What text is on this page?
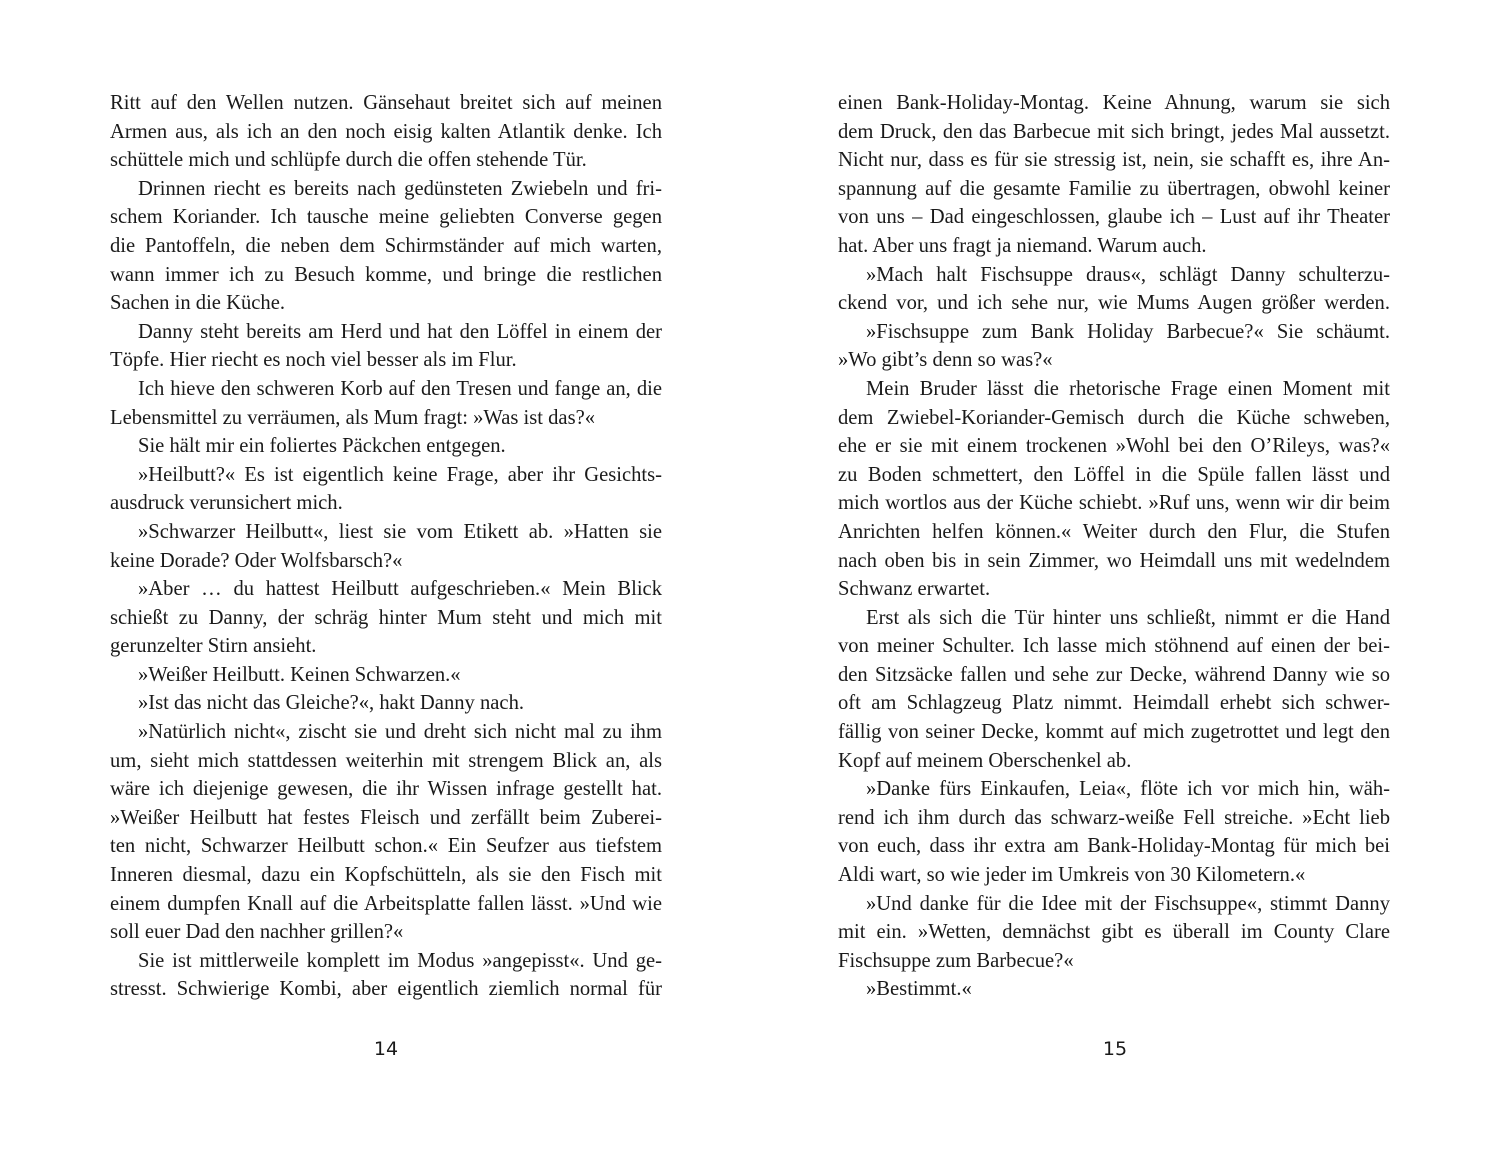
Ritt auf den Wellen nutzen. Gänsehaut breitet sich auf meinen
Armen aus, als ich an den noch eisig kalten Atlantik denke. Ich
schüttele mich und schlüpfe durch die offen stehende Tür.
Drinnen riecht es bereits nach gedünsteten Zwiebeln und fri-
schem Koriander. Ich tausche meine geliebten Converse gegen
die Pantoffeln, die neben dem Schirmständer auf mich warten,
wann immer ich zu Besuch komme, und bringe die restlichen
Sachen in die Küche.
Danny steht bereits am Herd und hat den Löffel in einem der
Töpfe. Hier riecht es noch viel besser als im Flur.
Ich hieve den schweren Korb auf den Tresen und fange an, die
Lebensmittel zu verräumen, als Mum fragt: »Was ist das?«
Sie hält mir ein foliertes Päckchen entgegen.
»Heilbutt?« Es ist eigentlich keine Frage, aber ihr Gesichts-
ausdruck verunsichert mich.
»Schwarzer Heilbutt«, liest sie vom Etikett ab. »Hatten sie
keine Dorade? Oder Wolfsbarsch?«
»Aber … du hattest Heilbutt aufgeschrieben.« Mein Blick
schießt zu Danny, der schräg hinter Mum steht und mich mit
gerunzelter Stirn ansieht.
»Weißer Heilbutt. Keinen Schwarzen.«
»Ist das nicht das Gleiche?«, hakt Danny nach.
»Natürlich nicht«, zischt sie und dreht sich nicht mal zu ihm
um, sieht mich stattdessen weiterhin mit strengem Blick an, als
wäre ich diejenige gewesen, die ihr Wissen infrage gestellt hat.
»Weißer Heilbutt hat festes Fleisch und zerfällt beim Zuberei-
ten nicht, Schwarzer Heilbutt schon.« Ein Seufzer aus tiefstem
Inneren diesmal, dazu ein Kopfschütteln, als sie den Fisch mit
einem dumpfen Knall auf die Arbeitsplatte fallen lässt. »Und wie
soll euer Dad den nachher grillen?«
Sie ist mittlerweile komplett im Modus »angepisst«. Und ge-
stresst. Schwierige Kombi, aber eigentlich ziemlich normal für
einen Bank-Holiday-Montag. Keine Ahnung, warum sie sich
dem Druck, den das Barbecue mit sich bringt, jedes Mal aussetzt.
Nicht nur, dass es für sie stressig ist, nein, sie schafft es, ihre An-
spannung auf die gesamte Familie zu übertragen, obwohl keiner
von uns – Dad eingeschlossen, glaube ich – Lust auf ihr Theater
hat. Aber uns fragt ja niemand. Warum auch.
»Mach halt Fischsuppe draus«, schlägt Danny schulterzu-
ckend vor, und ich sehe nur, wie Mums Augen größer werden.
»Fischsuppe zum Bank Holiday Barbecue?« Sie schäumt.
»Wo gibt’s denn so was?«
Mein Bruder lässt die rhetorische Frage einen Moment mit
dem Zwiebel-Koriander-Gemisch durch die Küche schweben,
ehe er sie mit einem trockenen »Wohl bei den O’Rileys, was?«
zu Boden schmettert, den Löffel in die Spüle fallen lässt und
mich wortlos aus der Küche schiebt. »Ruf uns, wenn wir dir beim
Anrichten helfen können.« Weiter durch den Flur, die Stufen
nach oben bis in sein Zimmer, wo Heimdall uns mit wedelndem
Schwanz erwartet.
Erst als sich die Tür hinter uns schließt, nimmt er die Hand
von meiner Schulter. Ich lasse mich stöhnend auf einen der bei-
den Sitzsäcke fallen und sehe zur Decke, während Danny wie so
oft am Schlagzeug Platz nimmt. Heimdall erhebt sich schwer-
fällig von seiner Decke, kommt auf mich zugetrottet und legt den
Kopf auf meinem Oberschenkel ab.
»Danke fürs Einkaufen, Leia«, flöte ich vor mich hin, wäh-
rend ich ihm durch das schwarz-weiße Fell streiche. »Echt lieb
von euch, dass ihr extra am Bank-Holiday-Montag für mich bei
Aldi wart, so wie jeder im Umkreis von 30 Kilometern.«
»Und danke für die Idee mit der Fischsuppe«, stimmt Danny
mit ein. »Wetten, demnächst gibt es überall im County Clare
Fischsuppe zum Barbecue?«
»Bestimmt.«
14	15
